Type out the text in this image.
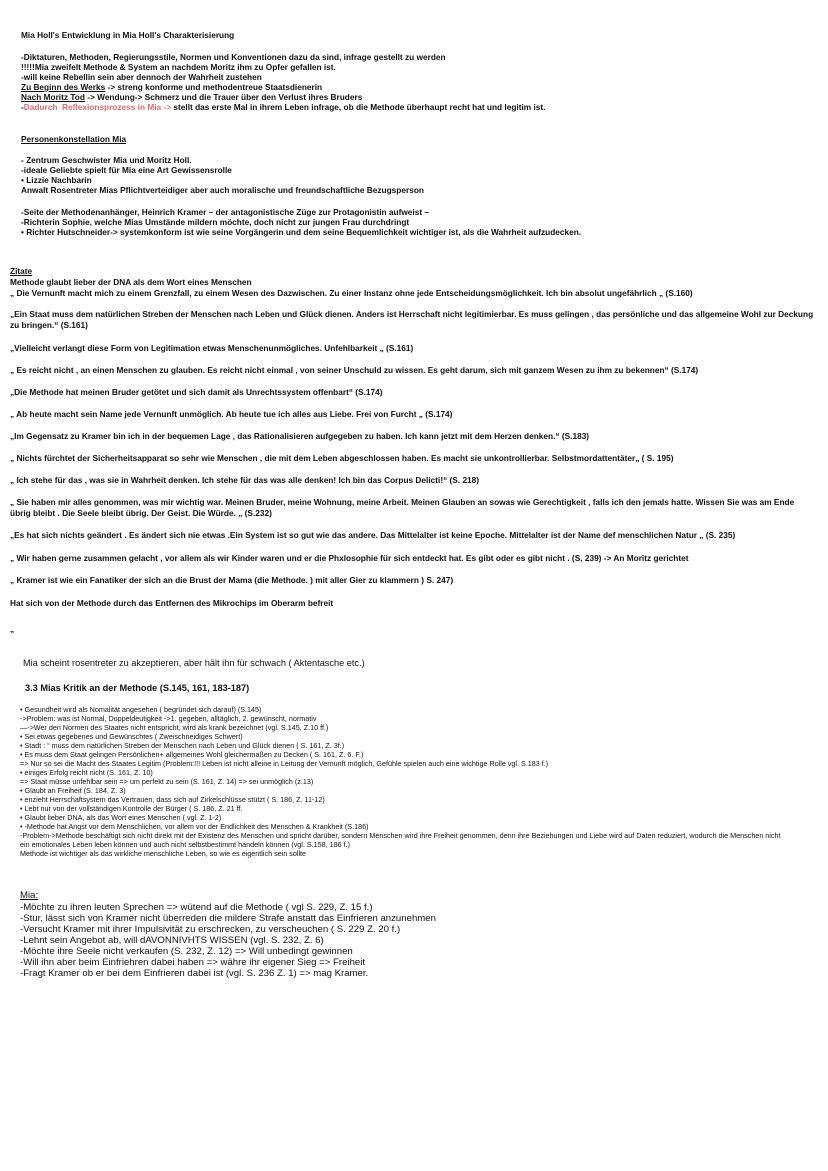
Mia Holl's Entwicklung in Mia Holl's Charakterisierung
-Diktaturen, Methoden, Regierungsstile, Normen und Konventionen dazu da sind, infrage gestellt zu werden
!!!!!Mia zweifelt Methode & System an nachdem Moritz ihm zu Opfer gefallen ist.
-will keine Rebellin sein aber dennoch der Wahrheit zustehen
Zu Beginn des Werks -> streng konforme und methodentreue Staatsdienerin
Nach Moritz Tod -> Wendung-> Schmerz und die Trauer über den Verlust ihres Bruders
-Dadurch Reflexionsprozess in Mia -> stellt das erste Mal in ihrem Leben infrage, ob die Methode überhaupt recht hat und legitim ist.
Personenkonstellation Mia
- Zentrum Geschwister Mia und Moritz Holl.
-ideale Geliebte spielt für Mia eine Art Gewissensrolle
• Lizzie Nachbarin
Anwalt Rosentreter Mias Pflichtverteidiger aber auch moralische und freundschaftliche Bezugsperson
-Seite der Methodenanhänger, Heinrich Kramer – der antagonistische Züge zur Protagonistin aufweist –
-Richterin Sophie, welche Mias Umstände mildern möchte, doch nicht zur jungen Frau durchdringt
• Richter Hutschneider-> systemkonform ist wie seine Vorgängerin und dem seine Bequemlichkeit wichtiger ist, als die Wahrheit aufzudecken.
Zitate
Methode glaubt lieber der DNA als dem Wort eines Menschen
„ Die Vernunft macht mich zu einem Grenzfall, zu einem Wesen des Dazwischen. Zu einer Instanz ohne jede Entscheidungsmöglichkeit. Ich bin absolut ungefährlich „ (S.160)
„Ein Staat muss dem natürlichen Streben der Menschen nach Leben und Glück dienen. Anders ist Herrschaft nicht legitimierbar. Es muss gelingen , das persönliche und das allgemeine Wohl zur Deckung zu bringen.“ (S.161)
„Vielleicht verlangt diese Form von Legitimation etwas Menschenunmögliches. Unfehlbarkeit „ (S.161)
„ Es reicht nicht , an einen Menschen zu glauben. Es reicht nicht einmal , von seiner Unschuld zu wissen. Es geht darum, sich mit ganzem Wesen zu ihm zu bekennen“ (S.174)
„Die Methode hat meinen Bruder getötet und sich damit als Unrechtssystem offenbart“ (S.174)
„ Ab heute macht sein Name jede Vernunft unmöglich. Ab heute tue ich alles aus Liebe. Frei von Furcht „ (S.174)
„Im Gegensatz zu Kramer bin ich in der bequemen Lage , das Rationalisieren aufgegeben zu haben. Ich kann jetzt mit dem Herzen denken.“ (S.183)
„ Nichts fürchtet der Sicherheitsapparat so sehr wie Menschen , die mit dem Leben abgeschlossen haben. Es macht sie unkontrollierbar. Selbstmordattentäter„ ( S. 195)
„ Ich stehe für das , was sie in Wahrheit denken. Ich stehe für das was alle denken! Ich bin das Corpus Delicti!“ (S. 218)
„ Sie haben mir alles genommen, was mir wichtig war. Meinen Bruder, meine Wohnung, meine Arbeit. Meinen Glauben an sowas wie Gerechtigkeit , falls ich den jemals hatte. Wissen Sie was am Ende übrig bleibt . Die Seele bleibt übrig. Der Geist. Die Würde. „ (S.232)
„Es hat sich nichts geändert . Es ändert sich nie etwas .Ein System ist so gut wie das andere. Das Mittelalter ist keine Epoche. Mittelalter ist der Name def menschlichen Natur „ (S. 235)
„ Wir haben gerne zusammen gelacht , vor allem als wir Kinder waren und er die Phxlosophie für sich entdeckt hat. Es gibt oder es gibt nicht . (S, 239) -> An Moritz gerichtet
„ Kramer ist wie ein Fanatiker der sich an die Brust der Mama (die Methode. ) mit aller Gier zu klammern ) S. 247)
Hat sich von der Methode durch das Entfernen des Mikrochips im Oberarm befreit
„
Mia scheint rosentreter zu akzeptieren, aber hält ihn für schwach ( Aktentasche etc.)
3.3 Mias Kritik an der Methode (S.145, 161, 183-187)
• Gesundheit wird als Nomalität angesehen ( begründet sich darauf) (S.145)
->Problem: was ist Normal, Doppeldeutigkeit ->1. gegeben, alltäglich, 2. gewünscht, normativ
—->Wer den Normen des Staates nicht entspricht, wird als krank bezeichnet (vgl. S.145, Z.10 ff.)
• Sei etwas gegebenes und Gewünschtes ( Zweischneidiges Schwert)
• Stadt : “ muss dem natürlichen Streben der Menschen nach Leben und Glück dienen ( S. 161, Z. 3f.)
• Es muss dem Staat gelingen Persönlichen+ allgemeines Wohl gleichermaßen zu Decken ( S. 161, Z. 6. F.)
=> Nur so sei die Macht des Staates Legitim (Problem:!!! Leben ist nicht alleine in Leitung der Vernunft möglich, Gefühle spielen auch eine wichtige Rolle vgl. S.183 f.)
• einiges Erfolg reicht nicht (S. 161, Z. 10)
=> Staat müsse unfehlbar sein => um perfekt zu sein (S. 161, Z. 14) => sei unmöglich (z.13)
• Glaubt an Freiheit (S. 184, Z. 3)
• enzieht Herrschaftsystem das Vertrauen, dass sich auf Zirkelschlüsse stützt ( S. 186, Z. 11-12)
• Lebt nur von der vollständigen Kontrolle der Bürger ( S. 186, Z. 21 ff.
• Glaubt lieber DNA, als das Wort eines Menschen ( vgl. Z. 1-2)
• -Methode hat Angst vor dem Menschlichen, vor allem vor der Endlichkeit des Menschen & Krankheit (S.186)
-Problem->Methode beschäftigt sich nicht direkt mit der Existenz des Menschen und spricht darüber, sondern Menschen wird ihre Freiheit genommen, denn ihre Beziehungen und Liebe wird auf Daten reduziert, wodurch die Menschen nicht ein emotionales Leben leben können und auch nicht selbstbestimmt handeln können (vgl. S.158, 186 f.)
Methode ist wichtiger als das wirkliche menschliche Leben, so wie es eigentlich sein sollte
Mia:
-Möchte zu ihren leuten Sprechen => wütend auf die Methode ( vgl S. 229, Z. 15 f.)
-Stur, lässt sich von Kramer nicht überreden die mildere Strafe anstatt das Einfrieren anzunehmen
-Versucht Kramer mit ihrer Impulsivität zu erschrecken, zu verscheuchen ( S. 229 Z. 20 f.)
-Lehnt sein Angebot ab, will dAVONNIVHTS WISSEN (vgl. S. 232, Z. 6)
-Möchte ihre Seele nicht verkaufen (S. 232, Z. 12) => Will unbedingt gewinnen
-Will ihn aber beim Einfriehren dabei haben => währe ihr eigener Sieg => Freiheit
-Fragt Kramer ob er bei dem Einfrieren dabei ist (vgl. S. 236 Z. 1) => mag Kramer.
